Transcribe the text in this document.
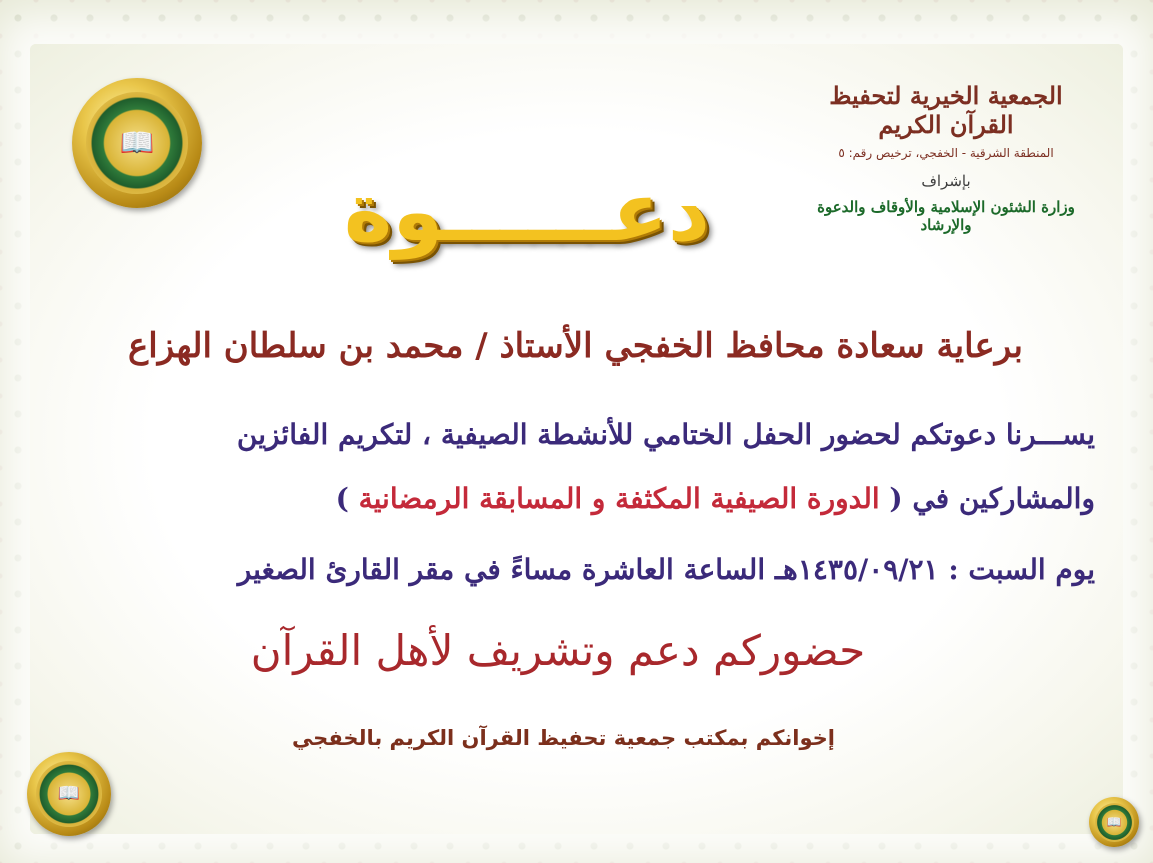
📖

الجمعية الخيرية لتحفيظ القرآن الكريم

المنطقة الشرقية - الخفجي، ترخيص رقم: ٥
بإشراف
وزارة الشئون الإسلامية والأوقاف والدعوة والإرشاد
دعــــــوة
برعاية سعادة محافظ الخفجي الأستاذ / محمد بن سلطان الهزاع
يســـرنا دعوتكم لحضور الحفل الختامي للأنشطة الصيفية ، لتكريم الفائزين
والمشاركين في ( الدورة الصيفية المكثفة و المسابقة الرمضانية )
يوم السبت : ١٤٣٥/٠٩/٢١هـ الساعة العاشرة مساءً في مقر القارئ الصغير
حضوركم دعم وتشريف لأهل القرآن
إخوانكم بمكتب جمعية تحفيظ القرآن الكريم بالخفجي
📖
📖
